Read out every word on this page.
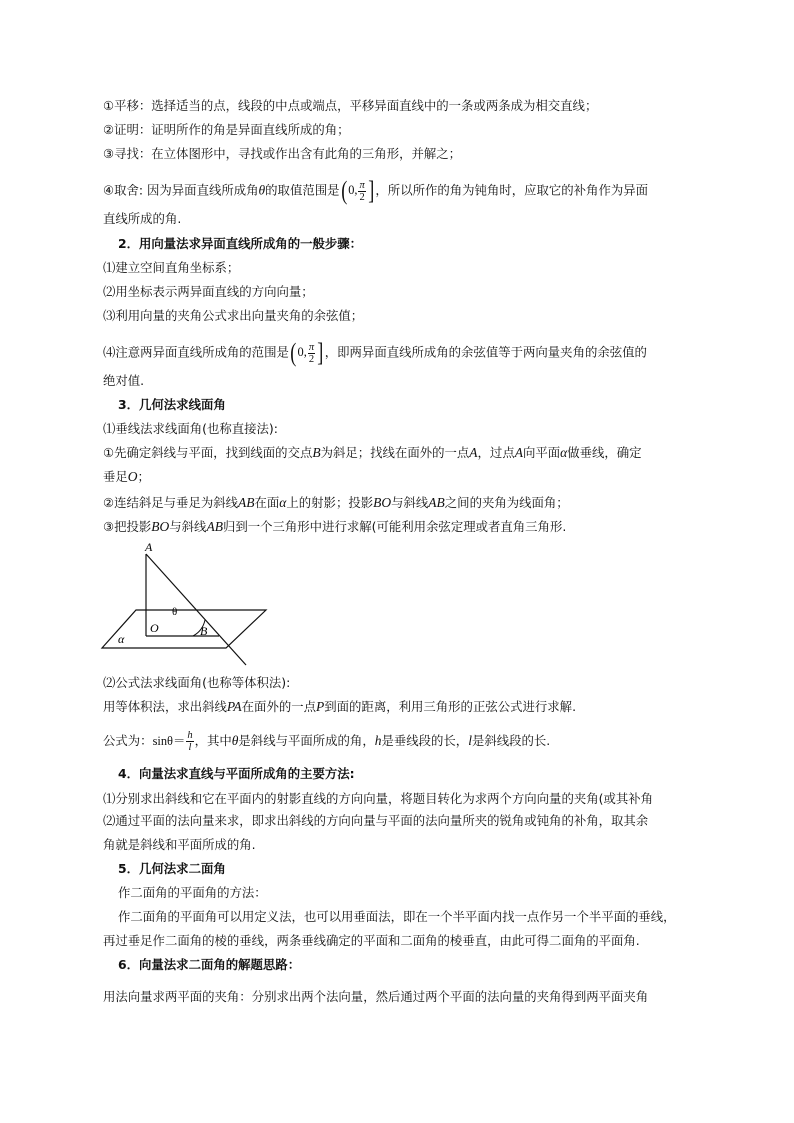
①平移：选择适当的点，线段的中点或端点，平移异面直线中的一条或两条成为相交直线；
②证明：证明所作的角是异面直线所成的角；
③寻找：在立体图形中，寻找或作出含有此角的三角形，并解之；
④取舍: 因为异面直线所成角θ的取值范围是(0, $\frac{\pi}{2}$ ]，所以所作的角为钝角时，应取它的补角作为异面
直线所成的角.
2．用向量法求异面直线所成角的一般步骤：
⑴建立空间直角坐标系；
⑵用坐标表示两异面直线的方向向量；
⑶利用向量的夹角公式求出向量夹角的余弦值；
⑷注意两异面直线所成角的范围是(0, $\frac{\pi}{2}$ ]，即两异面直线所成角的余弦值等于两向量夹角的余弦值的
绝对值.
3．几何法求线面角
⑴垂线法求线面角(也称直接法):
①先确定斜线与平面，找到线面的交点B为斜足；找线在面外的一点A，过点A向平面α做垂线，确定
垂足O；
②连结斜足与垂足为斜线AB在面α上的射影；投影BO与斜线AB之间的夹角为线面角；
③把投影BO与斜线AB归到一个三角形中进行求解(可能利用余弦定理或者直角三角形.
A
O	B
θ
α
⑵公式法求线面角(也称等体积法):
用等体积法，求出斜线PA在面外的一点P到面的距离，利用三角形的正弦公式进行求解.
公式为：$\sin\theta= \frac{h}{l}$ ，其中θ是斜线与平面所成的角，h是垂线段的长，l是斜线段的长.
4．向量法求直线与平面所成角的主要方法:
⑴分别求出斜线和它在平面内的射影直线的方向向量，将题目转化为求两个方向向量的夹角(或其补角
⑵通过平面的法向量来求，即求出斜线的方向向量与平面的法向量所夹的锐角或钝角的补角，取其余
角就是斜线和平面所成的角.
5．几何法求二面角
作二面角的平面角的方法：
作二面角的平面角可以用定义法，也可以用垂面法，即在一个半平面内找一点作另一个半平面的垂线，
再过垂足作二面角的棱的垂线，两条垂线确定的平面和二面角的棱垂直，由此可得二面角的平面角.
6．向量法求二面角的解题思路：
用法向量求两平面的夹角：分别求出两个法向量，然后通过两个平面的法向量的夹角得到两平面夹角
